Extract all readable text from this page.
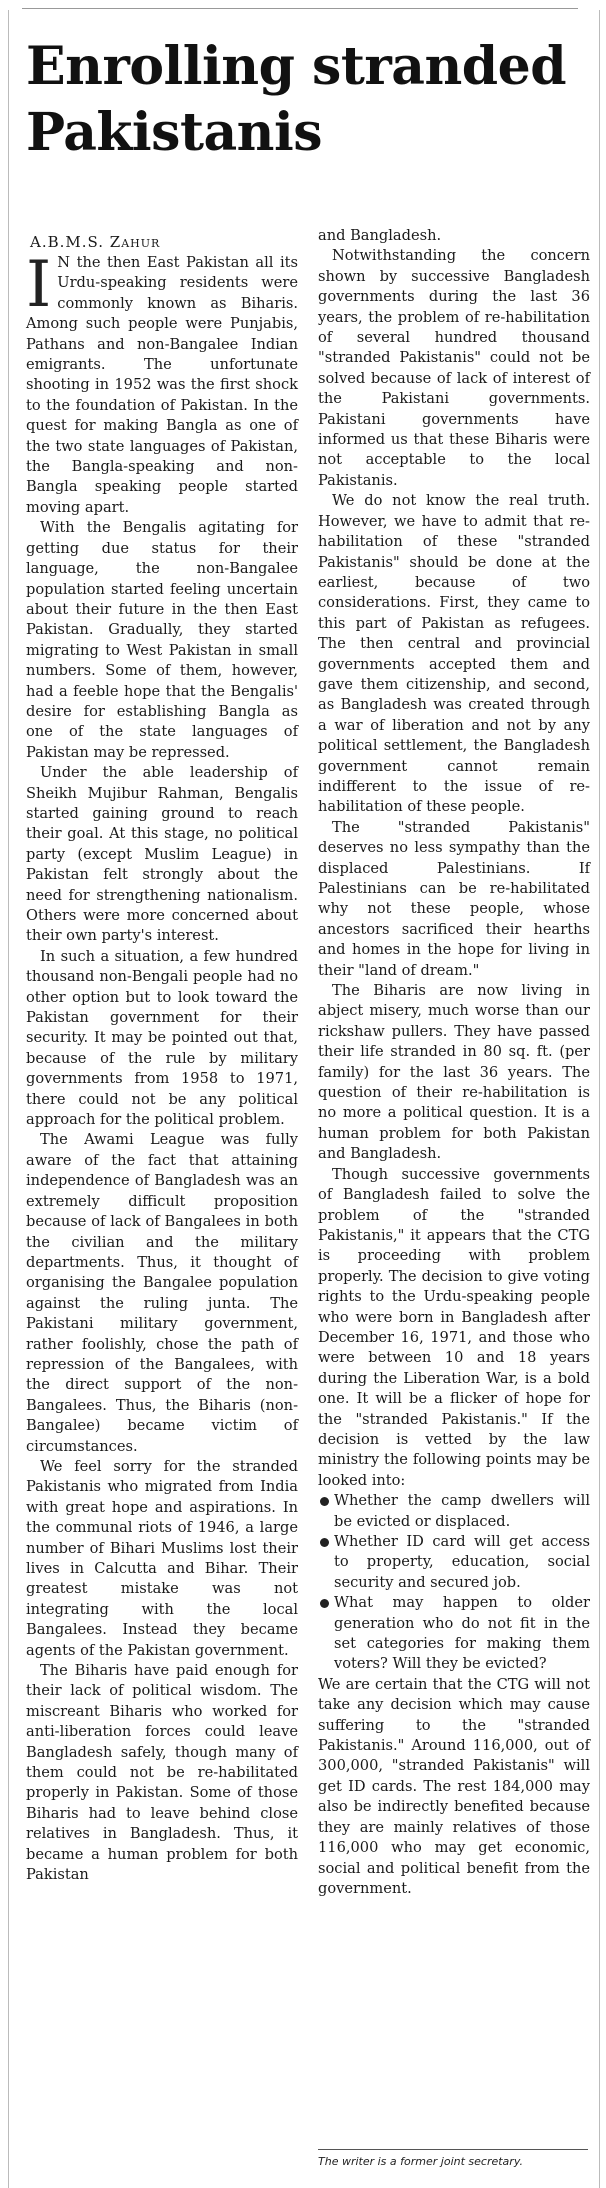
Enrolling stranded Pakistanis

A.B.M.S. Zahur

I N the then East Pakistan all its Urdu-speaking residents were commonly known as Biharis. Among such people were Punjabis, Pathans and non-Bangalee Indian emigrants. The unfortunate shooting in 1952 was the first shock to the foundation of Pakistan. In the quest for making Bangla as one of the two state languages of Pakistan, the Bangla-speaking and non-Bangla speaking people started moving apart.

With the Bengalis agitating for getting due status for their language, the non-Bangalee population started feeling uncertain about their future in the then East Pakistan. Gradually, they started migrating to West Pakistan in small numbers. Some of them, however, had a feeble hope that the Bengalis' desire for establishing Bangla as one of the state languages of Pakistan may be repressed.

Under the able leadership of Sheikh Mujibur Rahman, Bengalis started gaining ground to reach their goal. At this stage, no political party (except Muslim League) in Pakistan felt strongly about the need for strengthening nationalism. Others were more concerned about their own party's interest.

In such a situation, a few hundred thousand non-Bengali people had no other option but to look toward the Pakistan government for their security. It may be pointed out that, because of the rule by military governments from 1958 to 1971, there could not be any political approach for the political problem.

The Awami League was fully aware of the fact that attaining independence of Bangladesh was an extremely difficult proposition because of lack of Bangalees in both the civilian and the military departments. Thus, it thought of organising the Bangalee population against the ruling junta. The Pakistani military government, rather foolishly, chose the path of repression of the Bangalees, with the direct support of the non-Bangalees. Thus, the Biharis (non-Bangalee) became victim of circumstances.

We feel sorry for the stranded Pakistanis who migrated from India with great hope and aspirations. In the communal riots of 1946, a large number of Bihari Muslims lost their lives in Calcutta and Bihar. Their greatest mistake was not integrating with the local Bangalees. Instead they became agents of the Pakistan government.

The Biharis have paid enough for their lack of political wisdom. The miscreant Biharis who worked for anti-liberation forces could leave Bangladesh safely, though many of them could not be re-habilitated properly in Pakistan. Some of those Biharis had to leave behind close relatives in Bangladesh. Thus, it became a human problem for both Pakistan

and Bangladesh.

Notwithstanding the concern shown by successive Bangladesh governments during the last 36 years, the problem of re-habilitation of several hundred thousand "stranded Pakistanis" could not be solved because of lack of interest of the Pakistani governments. Pakistani governments have informed us that these Biharis were not acceptable to the local Pakistanis.

We do not know the real truth. However, we have to admit that re-habilitation of these "stranded Pakistanis" should be done at the earliest, because of two considerations. First, they came to this part of Pakistan as refugees. The then central and provincial governments accepted them and gave them citizenship, and second, as Bangladesh was created through a war of liberation and not by any political settlement, the Bangladesh government cannot remain indifferent to the issue of re-habilitation of these people.

The "stranded Pakistanis" deserves no less sympathy than the displaced Palestinians. If Palestinians can be re-habilitated why not these people, whose ancestors sacrificed their hearths and homes in the hope for living in their "land of dream."

The Biharis are now living in abject misery, much worse than our rickshaw pullers. They have passed their life stranded in 80 sq. ft. (per family) for the last 36 years. The question of their re-habilitation is no more a political question. It is a human problem for both Pakistan and Bangladesh.

Though successive governments of Bangladesh failed to solve the problem of the "stranded Pakistanis," it appears that the CTG is proceeding with problem properly. The decision to give voting rights to the Urdu-speaking people who were born in Bangladesh after December 16, 1971, and those who were between 10 and 18 years during the Liberation War, is a bold one. It will be a flicker of hope for the "stranded Pakistanis." If the decision is vetted by the law ministry the following points may be looked into:

Whether the camp dwellers will be evicted or displaced.
Whether ID card will get access to property, education, social security and secured job.
What may happen to older generation who do not fit in the set categories for making them voters? Will they be evicted?

We are certain that the CTG will not take any decision which may cause suffering to the "stranded Pakistanis." Around 116,000, out of 300,000, "stranded Pakistanis" will get ID cards. The rest 184,000 may also be indirectly benefited because they are mainly relatives of those 116,000 who may get economic, social and political benefit from the government.

The writer is a former joint secretary.
